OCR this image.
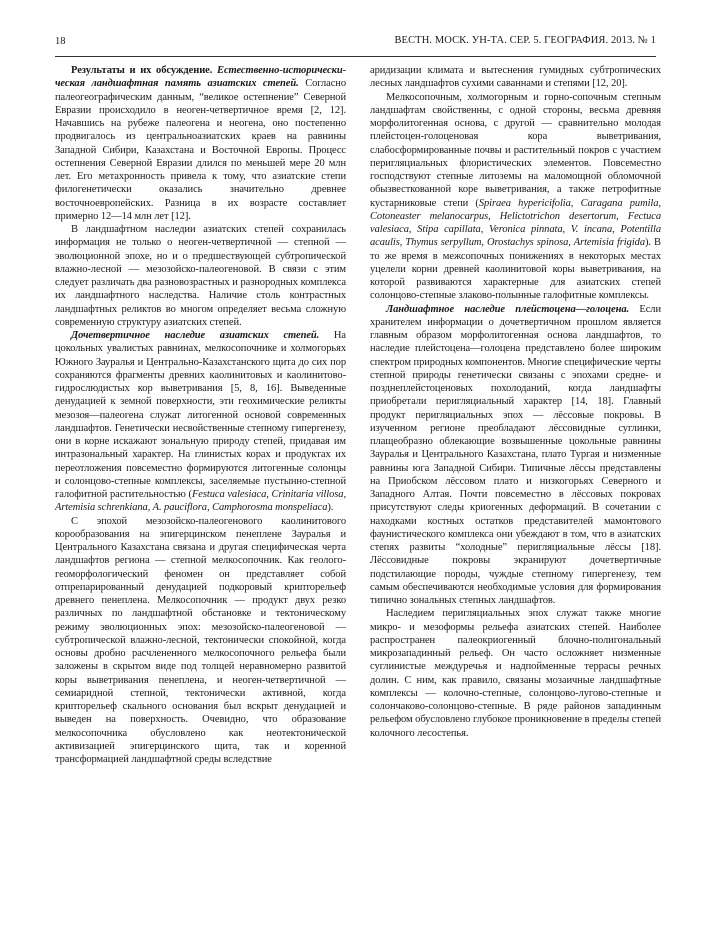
18	ВЕСТН. МОСК. УН-ТА. СЕР. 5. ГЕОГРАФИЯ. 2013. № 1

Результаты и их обсуждение. Естественно-исторически-ческая ландшафтная память азиатских степей. Согласно палеогеографическим данным, “великое остепнение” Северной Евразии происходило в неоген-четвертичное время [2, 12]. Начавшись на рубеже палеогена и неогена, оно постепенно продвигалось из центральноазиатских краев на равнины Западной Сибири, Казахстана и Восточной Европы. Процесс остепнения Северной Евразии длился по меньшей мере 20 млн лет. Его метахронность привела к тому, что азиатские степи филогенетически оказались значительно древнее восточноевропейских. Разница в их возрасте составляет примерно 12—14 млн лет [12].

В ландшафтном наследии азиатских степей сохранилась информация не только о неоген-четвертичной — степной — эволюционной эпохе, но и о предшествующей субтропической влажно-лесной — мезозойско-палеогеновой. В связи с этим следует различать два разновозрастных и разнородных комплекса их ландшафтного наследства. Наличие столь контрастных ландшафтных реликтов во многом определяет весьма сложную современную структуру азиатских степей.

Дочетвертичное наследие азиатских степей. На цокольных увалистых равнинах, мелкосопочнике и холмогорьях Южного Зауралья и Центрально-Казахстанского щита до сих пор сохраняются фрагменты древних каолинитовых и каолинитово-гидрослюдистых кор выветривания [5, 8, 16]. Выведенные денудацией к земной поверхности, эти геохимические реликты мезозоя—палеогена служат литогенной основой современных ландшафтов. Генетически несвойственные степному гипергенезу, они в корне искажают зональную природу степей, придавая им интразональный характер. На глинистых корах и продуктах их переотложения повсеместно формируются литогенные солонцы и солонцово-степные комплексы, заселяемые пустынно-степной галофитной растительностью (Festuca valesiaca, Crinitaria villosa, Artemisia schrenkiana, A. pauciflora, Camphorosma monspeliaca).

С эпохой мезозойско-палеогенового каолинитового корообразования на эпигерцинском пенеплене Зауралья и Центрального Казахстана связана и другая специфическая черта ландшафтов региона — степной мелкосопочник. Как геолого-геоморфологический феномен он представляет собой отпрепарированный денудацией подкоровый крипторельеф древнего пенеплена. Мелкосопочник — продукт двух резко различных по ландшафтной обстановке и тектоническому режиму эволюционных эпох: мезозойско-палеогеновой — субтропической влажно-лесной, тектонически спокойной, когда основы дробно расчлененного мелкосопочного рельефа были заложены в скрытом виде под толщей неравномерно развитой коры выветривания пенеплена, и неоген-четвертичной — семиаридной степной, тектонически активной, когда крипторельеф скального основания был вскрыт денудацией и выведен на поверхность. Очевидно, что образование мелкосопочника обусловлено как неотектонической активизацией эпигерцинского щита, так и коренной трансформацией ландшафтной среды вследствие

аридизации климата и вытеснения гумидных субтропических лесных ландшафтов сухими саваннами и степями [12, 20].

Мелкосопочным, холмогорным и горно-сопочным степным ландшафтам свойственны, с одной стороны, весьма древняя морфолитогенная основа, с другой — сравнительно молодая плейстоцен-голоценовая кора выветривания, слабосформированные почвы и растительный покров с участием перигляциальных флористических элементов. Повсеместно господствуют степные литоземы на маломощной обломочной обызвесткованной коре выветривания, а также петрофитные кустарниковые степи (Spiraea hypericifolia, Caragana pumila, Cotoneaster melanocarpus, Helictotrichon desertorum, Fectuca valesiaca, Stipa capillata, Veronica pinnata, V. incana, Potentilla acaulis, Thymus serpyllum, Orostachys spinosa, Artemisia frigida). В то же время в межсопочных понижениях в некоторых местах уцелели корни древней каолинитовой коры выветривания, на которой развиваются характерные для азиатских степей солонцово-степные злаково-полынные галофитные комплексы.

Ландшафтное наследие плейстоцена—голоцена. Если хранителем информации о дочетвертичном прошлом является главным образом морфолитогенная основа ландшафтов, то наследие плейстоцена—голоцена представлено более широким спектром природных компонентов. Многие специфические черты степной природы генетически связаны с эпохами средне- и позднеплейстоценовых похолоданий, когда ландшафты приобретали перигляциальный характер [14, 18]. Главный продукт перигляциальных эпох — лёссовые покровы. В изученном регионе преобладают лёссовидные суглинки, плащеобразно облекающие возвышенные цокольные равнины Зауралья и Центрального Казахстана, плато Тургая и низменные равнины юга Западной Сибири. Типичные лёссы представлены на Приобском лёссовом плато и низкогорьях Северного и Западного Алтая. Почти повсеместно в лёссовых покровах присутствуют следы криогенных деформаций. В сочетании с находками костных остатков представителей мамонтового фаунистического комплекса они убеждают в том, что в азиатских степях развиты “холодные” перигляциальные лёссы [18]. Лёссовидные покровы экранируют дочетвертичные подстилающие породы, чуждые степному гипергенезу, тем самым обеспечиваются необходимые условия для формирования типично зональных степных ландшафтов.

Наследием перигляциальных эпох служат также многие микро- и мезоформы рельефа азиатских степей. Наиболее распространен палеокриогенный блочно-полигональный микрозападинный рельеф. Он часто осложняет низменные суглинистые междуречья и надпойменные террасы речных долин. С ним, как правило, связаны мозаичные ландшафтные комплексы — колочно-степные, солонцово-лугово-степные и солончаково-солонцово-степные. В ряде районов западинным рельефом обусловлено глубокое проникновение в пределы степей колочного лесостепья.
